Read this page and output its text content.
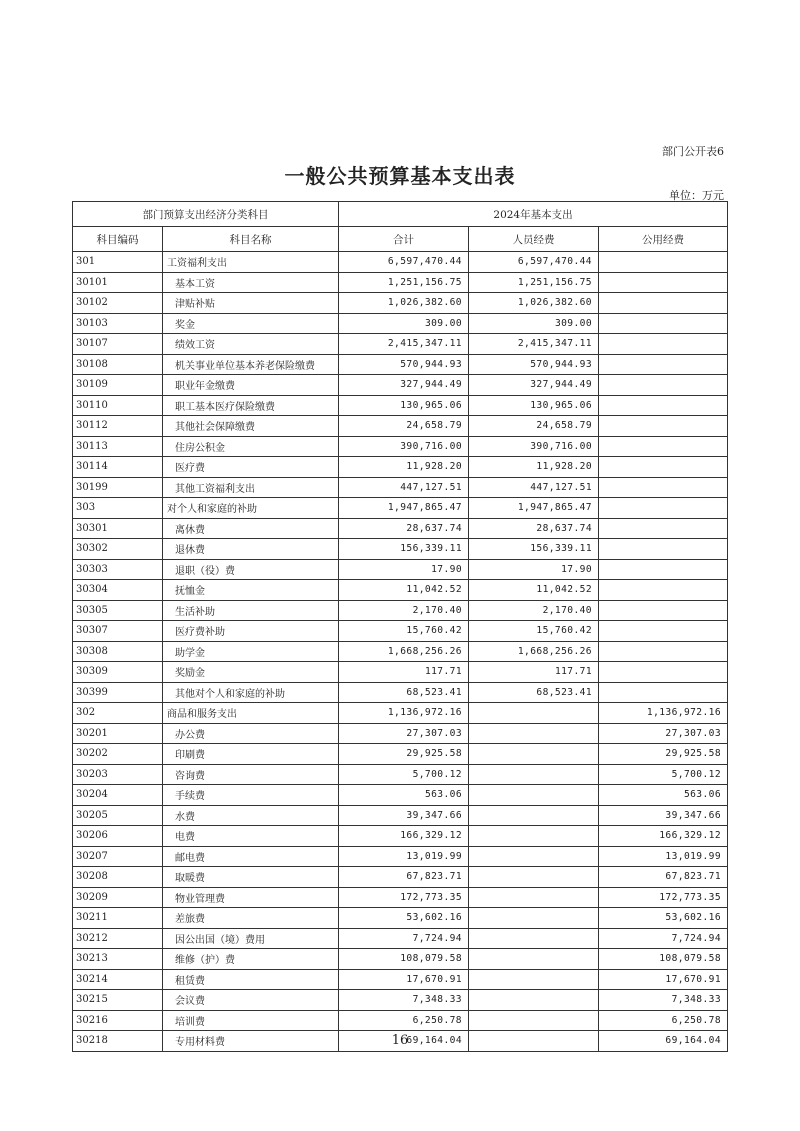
部门公开表6
一般公共预算基本支出表
单位：万元
部门预算支出经济分类科目		2024年基本支出		
科目编码	科目名称	合计	人员经费	公用经费
301	工资福利支出	6,597,470.44	6,597,470.44	
30101	基本工资	1,251,156.75	1,251,156.75	
30102	津贴补贴	1,026,382.60	1,026,382.60	
30103	奖金	309.00	309.00	
30107	绩效工资	2,415,347.11	2,415,347.11	
30108	机关事业单位基本养老保险缴费	570,944.93	570,944.93	
30109	职业年金缴费	327,944.49	327,944.49	
30110	职工基本医疗保险缴费	130,965.06	130,965.06	
30112	其他社会保障缴费	24,658.79	24,658.79	
30113	住房公积金	390,716.00	390,716.00	
30114	医疗费	11,928.20	11,928.20	
30199	其他工资福利支出	447,127.51	447,127.51	
303	对个人和家庭的补助	1,947,865.47	1,947,865.47	
30301	离休费	28,637.74	28,637.74	
30302	退休费	156,339.11	156,339.11	
30303	退职（役）费	17.90	17.90	
30304	抚恤金	11,042.52	11,042.52	
30305	生活补助	2,170.40	2,170.40	
30307	医疗费补助	15,760.42	15,760.42	
30308	助学金	1,668,256.26	1,668,256.26	
30309	奖励金	117.71	117.71	
30399	其他对个人和家庭的补助	68,523.41	68,523.41	
302	商品和服务支出	1,136,972.16		1,136,972.16
30201	办公费	27,307.03		27,307.03
30202	印刷费	29,925.58		29,925.58
30203	咨询费	5,700.12		5,700.12
30204	手续费	563.06		563.06
30205	水费	39,347.66		39,347.66
30206	电费	166,329.12		166,329.12
30207	邮电费	13,019.99		13,019.99
30208	取暖费	67,823.71		67,823.71
30209	物业管理费	172,773.35		172,773.35
30211	差旅费	53,602.16		53,602.16
30212	因公出国（境）费用	7,724.94		7,724.94
30213	维修（护）费	108,079.58		108,079.58
30214	租赁费	17,670.91		17,670.91
30215	会议费	7,348.33		7,348.33
30216	培训费	6,250.78		6,250.78
30218	专用材料费	69,164.04		69,164.04
16
